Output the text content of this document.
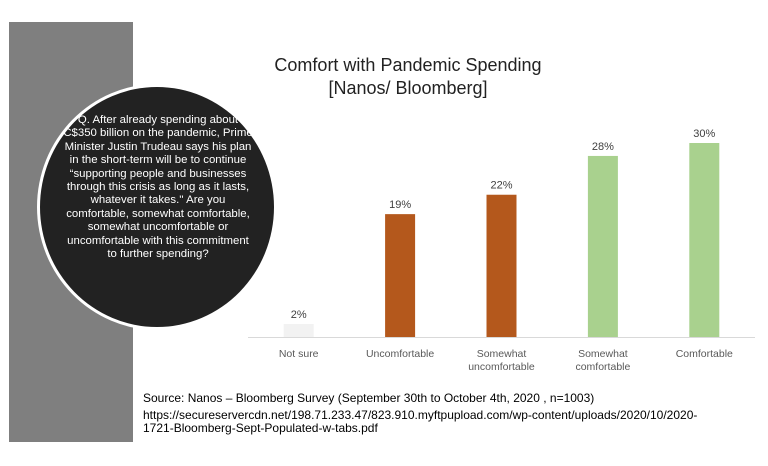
Q. After already spending about C$350 billion on the pandemic, Prime Minister Justin Trudeau says his plan in the short-term will be to continue “supporting people and businesses through this crisis as long as it lasts, whatever it takes.'' Are you comfortable, somewhat comfortable, somewhat uncomfortable or uncomfortable with this commitment to further spending?
Comfort with Pandemic Spending
[Nanos/ Bloomberg]
2%
Not sure
19%
Uncomfortable
22%
Somewhat
uncomfortable
28%
Somewhat
comfortable
30%
Comfortable
Source: Nanos – Bloomberg Survey (September 30th to October 4th, 2020 , n=1003)
https://secureservercdn.net/198.71.233.47/823.910.myftpupload.com/wp-content/uploads/2020/10/2020-
1721-Bloomberg-Sept-Populated-w-tabs.pdf
